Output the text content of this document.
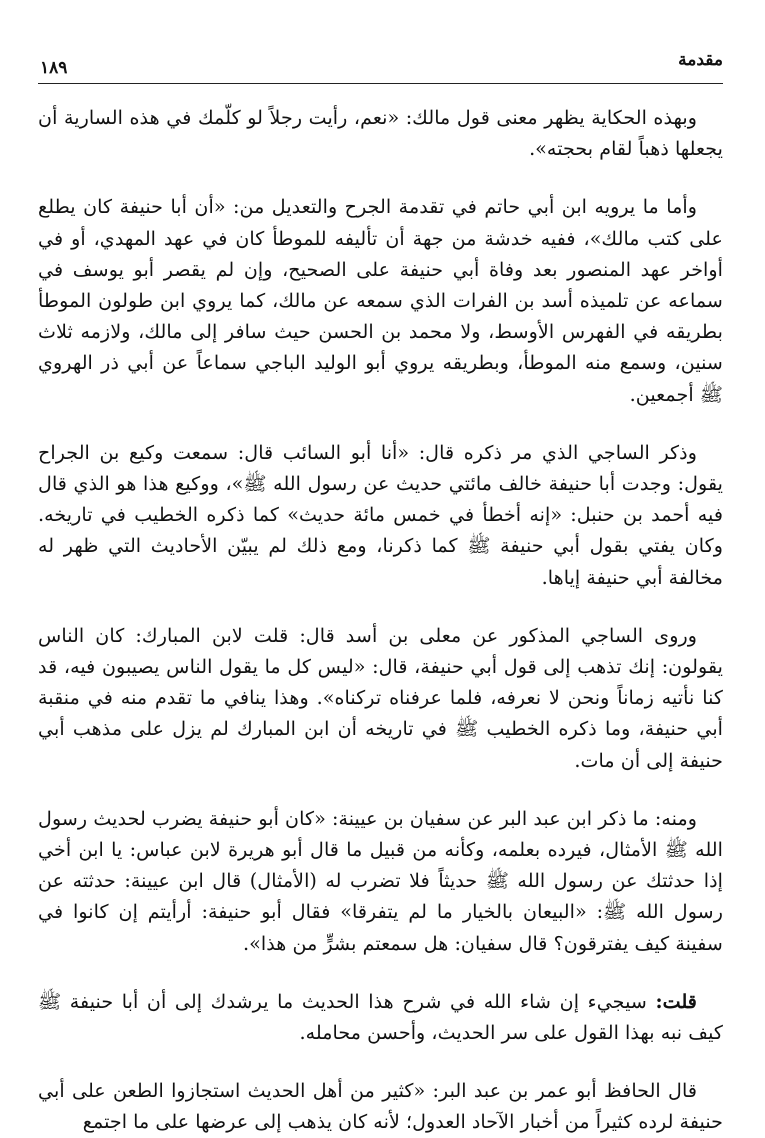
مقدمة
١٨٩

وبهذه الحكاية يظهر معنى قول مالك: «نعم، رأيت رجلاً لو كلّمك في هذه السارية أن يجعلها ذهباً لقام بحجته».

وأما ما يرويه ابن أبي حاتم في تقدمة الجرح والتعديل من: «أن أبا حنيفة كان يطلع على كتب مالك»، ففيه خدشة من جهة أن تأليفه للموطأ كان في عهد المهدي، أو في أواخر عهد المنصور بعد وفاة أبي حنيفة على الصحيح، وإن لم يقصر أبو يوسف في سماعه عن تلميذه أسد بن الفرات الذي سمعه عن مالك، كما يروي ابن طولون الموطأ بطريقه في الفهرس الأوسط، ولا محمد بن الحسن حيث سافر إلى مالك، ولازمه ثلاث سنين، وسمع منه الموطأ، وبطريقه يروي أبو الوليد الباجي سماعاً عن أبي ذر الهروي ﷺ أجمعين.

وذكر الساجي الذي مر ذكره قال: «أنا أبو السائب قال: سمعت وكيع بن الجراح يقول: وجدت أبا حنيفة خالف مائتي حديث عن رسول الله ﷺ»، ووكيع هذا هو الذي قال فيه أحمد بن حنبل: «إنه أخطأ في خمس مائة حديث» كما ذكره الخطيب في تاريخه. وكان يفتي بقول أبي حنيفة ﷺ كما ذكرنا، ومع ذلك لم يبيّن الأحاديث التي ظهر له مخالفة أبي حنيفة إياها.

وروى الساجي المذكور عن معلى بن أسد قال: قلت لابن المبارك: كان الناس يقولون: إنك تذهب إلى قول أبي حنيفة، قال: «ليس كل ما يقول الناس يصيبون فيه، قد كنا نأتيه زماناً ونحن لا نعرفه، فلما عرفناه تركناه». وهذا ينافي ما تقدم منه في منقبة أبي حنيفة، وما ذكره الخطيب ﷺ في تاريخه أن ابن المبارك لم يزل على مذهب أبي حنيفة إلى أن مات.

ومنه: ما ذكر ابن عبد البر عن سفيان بن عيينة: «كان أبو حنيفة يضرب لحديث رسول الله ﷺ الأمثال، فيرده بعلمه، وكأنه من قبيل ما قال أبو هريرة لابن عباس: يا ابن أخي إذا حدثتك عن رسول الله ﷺ حديثاً فلا تضرب له (الأمثال) قال ابن عيينة: حدثته عن رسول الله ﷺ: «البيعان بالخيار ما لم يتفرقا» فقال أبو حنيفة: أرأيتم إن كانوا في سفينة كيف يفترقون؟ قال سفيان: هل سمعتم بشرٍّ من هذا».

قلت: سيجيء إن شاء الله في شرح هذا الحديث ما يرشدك إلى أن أبا حنيفة ﷺ كيف نبه بهذا القول على سر الحديث، وأحسن محامله.

قال الحافظ أبو عمر بن عبد البر: «كثير من أهل الحديث استجازوا الطعن على أبي حنيفة لرده كثيراً من أخبار الآحاد العدول؛ لأنه كان يذهب إلى عرضها على ما اجتمع
